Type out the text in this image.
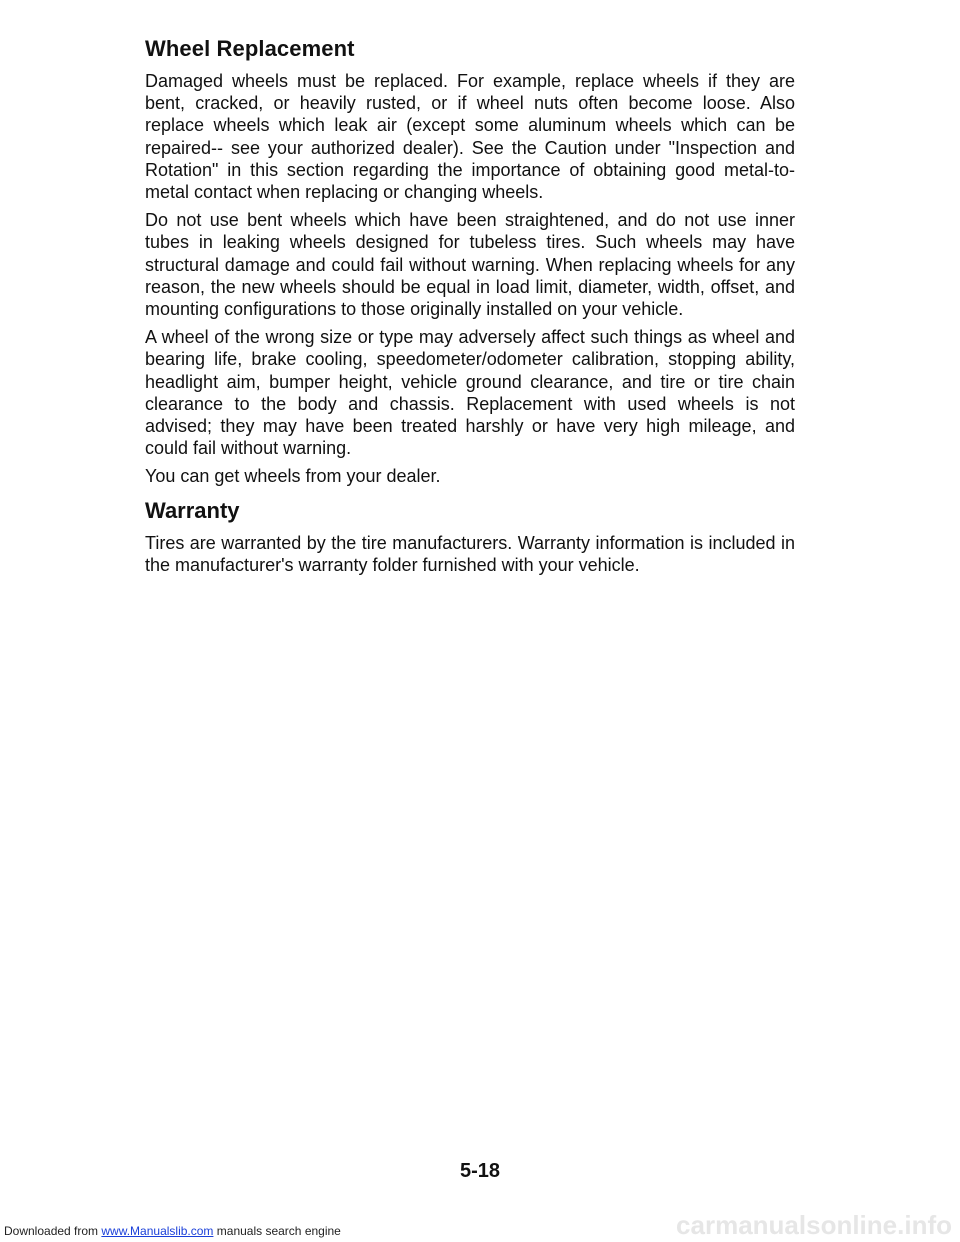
Wheel Replacement

Damaged wheels must be replaced. For example, replace wheels if they are bent, cracked, or heavily rusted, or if wheel nuts often become loose. Also replace wheels which leak air (except some aluminum wheels which can be repaired-- see your authorized dealer). See the Caution under "Inspection and Rotation" in this section regarding the importance of obtaining good metal-to-metal contact when replacing or changing wheels.

Do not use bent wheels which have been straightened, and do not use inner tubes in leaking wheels designed for tubeless tires. Such wheels may have structural damage and could fail without warning. When replacing wheels for any reason, the new wheels should be equal in load limit, diameter, width, offset, and mounting configurations to those originally installed on your vehicle.

A wheel of the wrong size or type may adversely affect such things as wheel and bearing life, brake cooling, speedometer/odometer calibration, stopping ability, headlight aim, bumper height, vehicle ground clearance, and tire or tire chain clearance to the body and chassis. Replacement with used wheels is not advised; they may have been treated harshly or have very high mileage, and could fail without warning.

You can get wheels from your dealer.

Warranty

Tires are warranted by the tire manufacturers. Warranty information is included in the manufacturer's warranty folder furnished with your vehicle.

5-18
Downloaded from www.Manualslib.com manuals search engine	carmanualsonline.info
